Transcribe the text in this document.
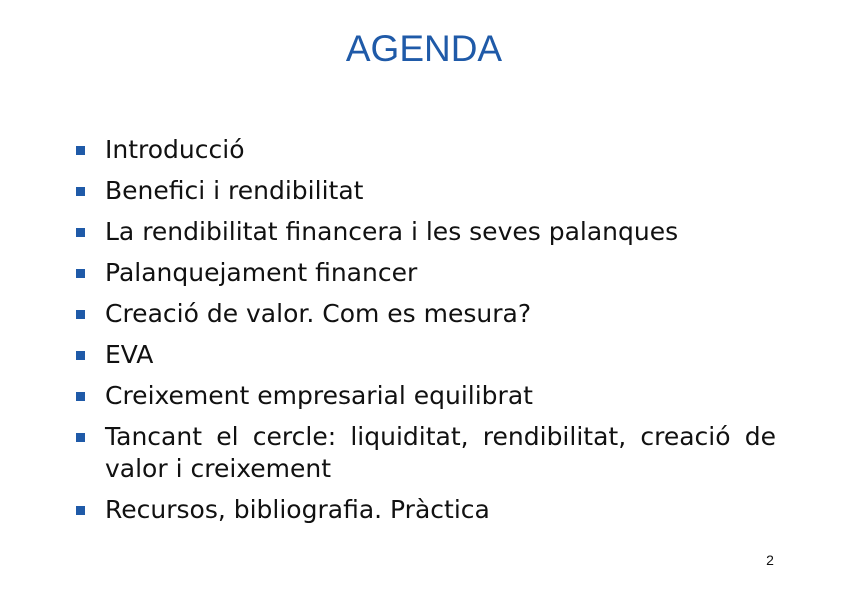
AGENDA
Introducció
Benefici i rendibilitat
La rendibilitat financera i les seves palanques
Palanquejament financer
Creació de valor. Com es mesura?
EVA
Creixement empresarial equilibrat
Tancant el cercle: liquiditat, rendibilitat, creació de valor i creixement
Recursos, bibliografia. Pràctica
2
